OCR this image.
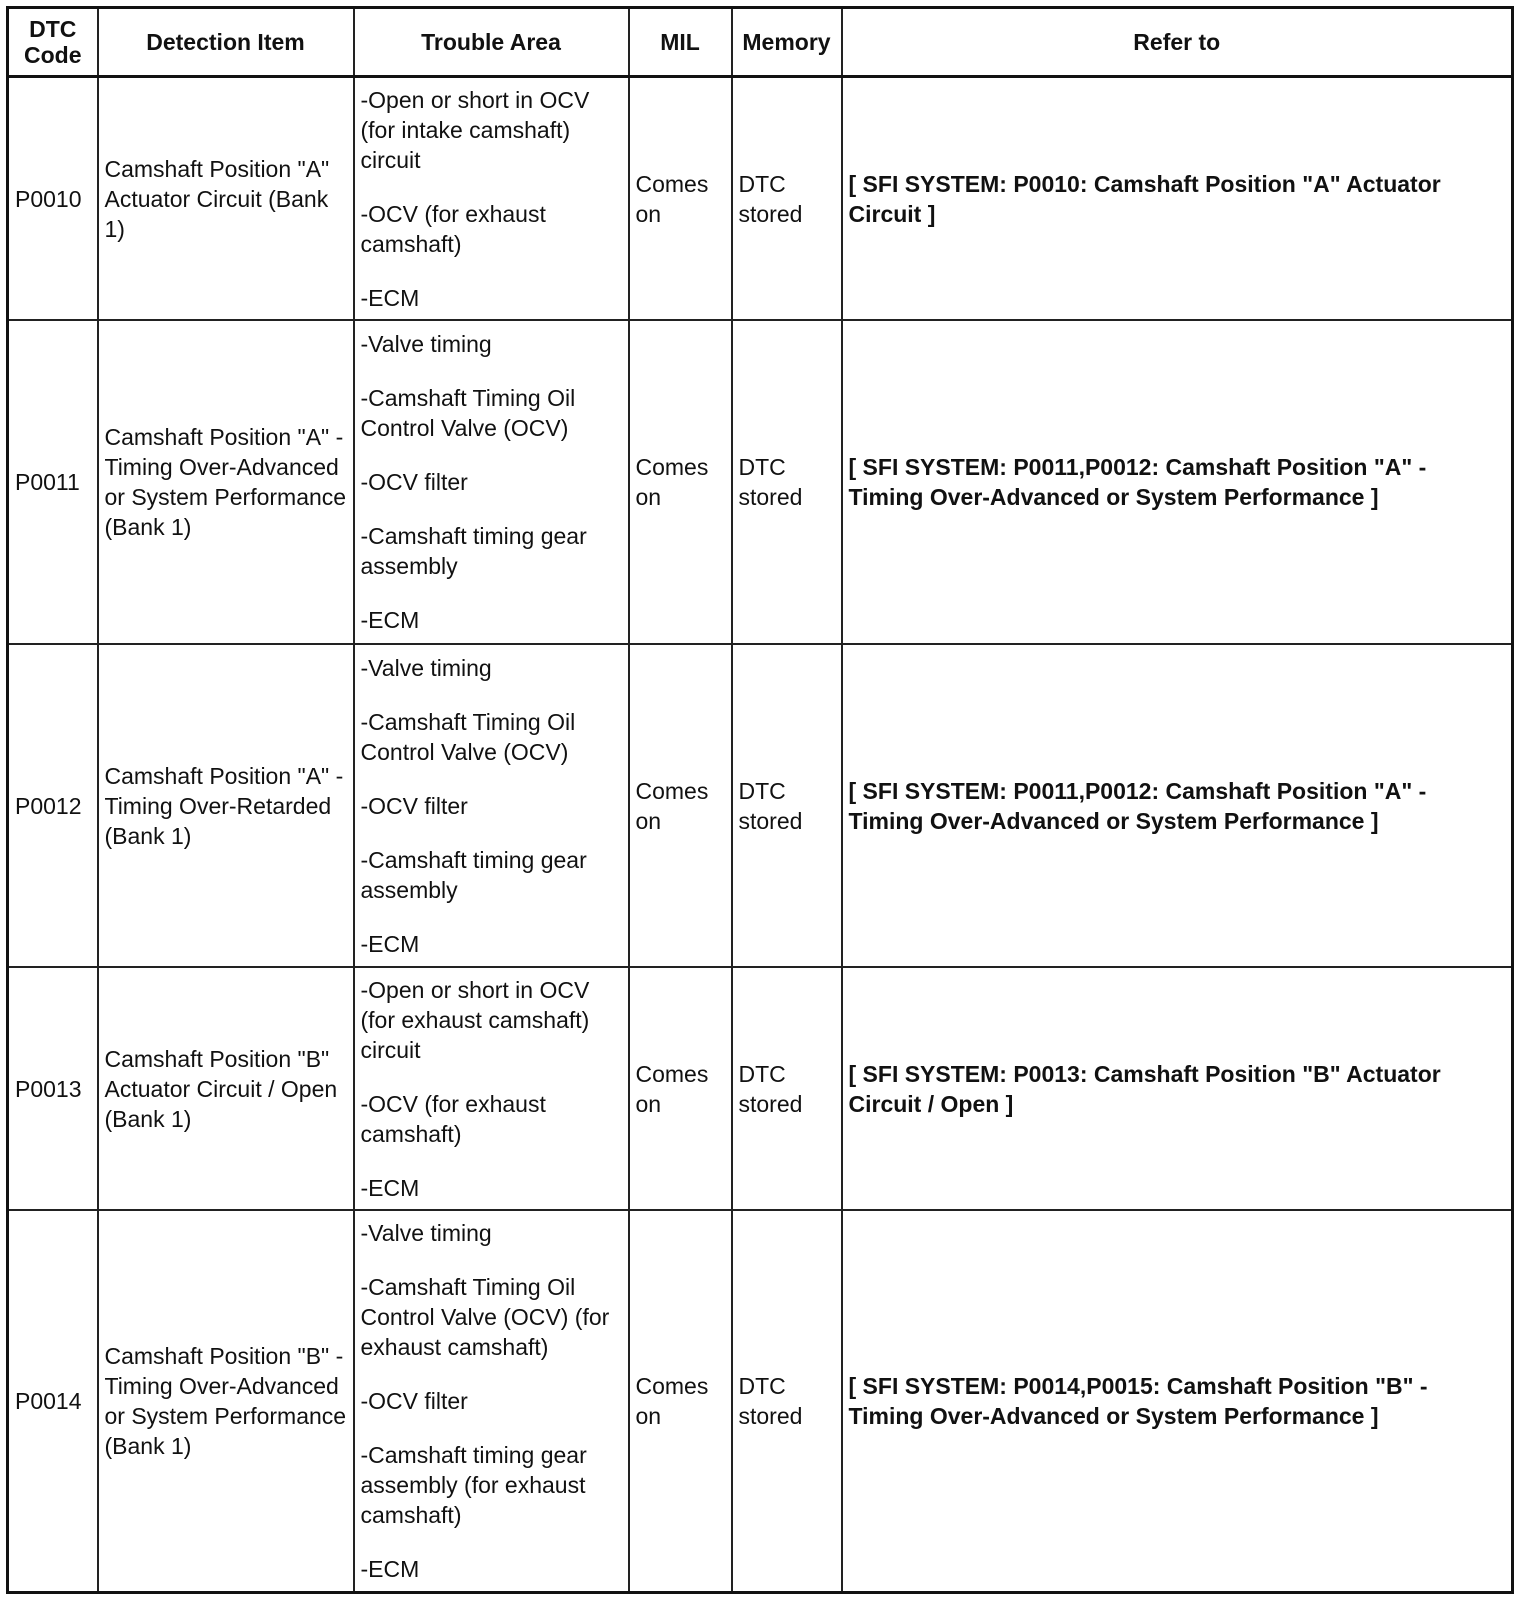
DTC Code	Detection Item	Trouble Area	MIL	Memory	Refer to
P0010	Camshaft Position "A" Actuator Circuit (Bank 1)	-Open or short in OCV (for intake camshaft) circuit
-OCV (for exhaust camshaft)
-ECM	Comes on	DTC stored	[ SFI SYSTEM: P0010: Camshaft Position "A" Actuator Circuit ]
P0011	Camshaft Position "A" - Timing Over-Advanced or System Performance (Bank 1)	-Valve timing
-Camshaft Timing Oil Control Valve (OCV)
-OCV filter
-Camshaft timing gear assembly
-ECM	Comes on	DTC stored	[ SFI SYSTEM: P0011,P0012: Camshaft Position "A" - Timing Over-Advanced or System Performance ]
P0012	Camshaft Position "A" - Timing Over-Retarded (Bank 1)	-Valve timing
-Camshaft Timing Oil Control Valve (OCV)
-OCV filter
-Camshaft timing gear assembly
-ECM	Comes on	DTC stored	[ SFI SYSTEM: P0011,P0012: Camshaft Position "A" - Timing Over-Advanced or System Performance ]
P0013	Camshaft Position "B" Actuator Circuit / Open (Bank 1)	-Open or short in OCV (for exhaust camshaft) circuit
-OCV (for exhaust camshaft)
-ECM	Comes on	DTC stored	[ SFI SYSTEM: P0013: Camshaft Position "B" Actuator Circuit / Open ]
P0014	Camshaft Position "B" - Timing Over-Advanced or System Performance (Bank 1)	-Valve timing
-Camshaft Timing Oil Control Valve (OCV) (for exhaust camshaft)
-OCV filter
-Camshaft timing gear assembly (for exhaust camshaft)
-ECM	Comes on	DTC stored	[ SFI SYSTEM: P0014,P0015: Camshaft Position "B" - Timing Over-Advanced or System Performance ]
